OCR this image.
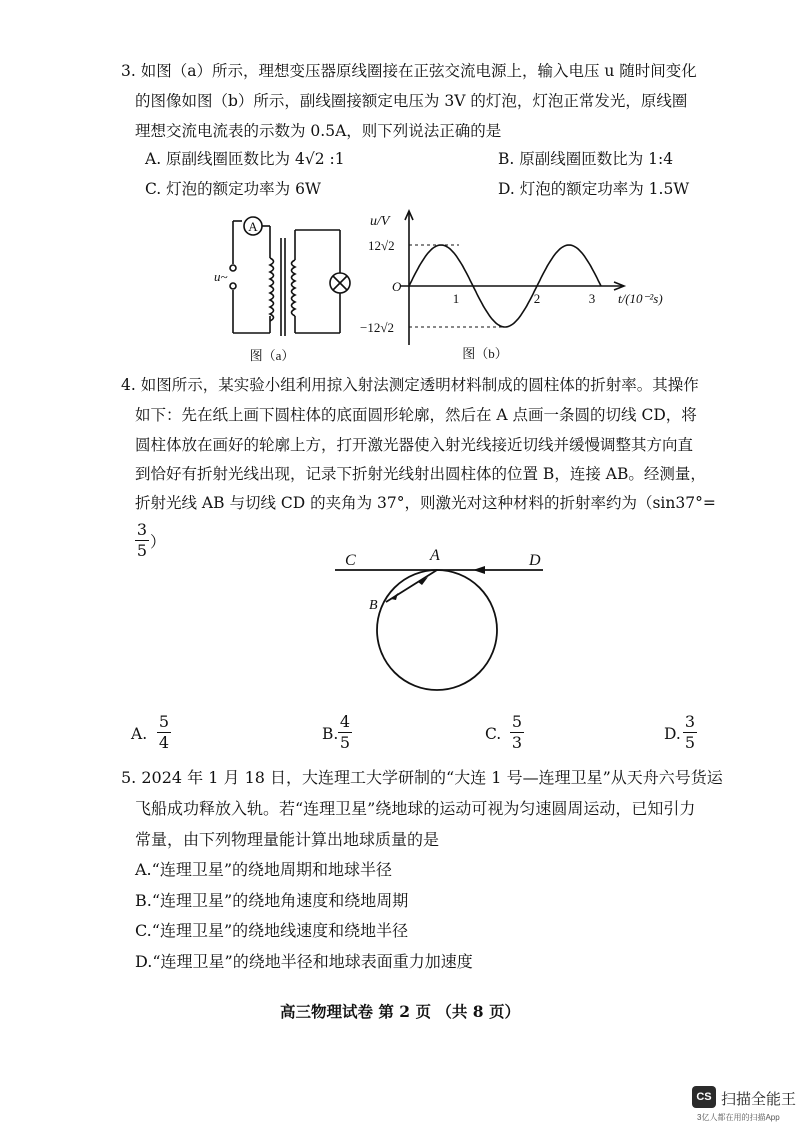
3. 如图（a）所示，理想变压器原线圈接在正弦交流电源上，输入电压 u 随时间变化
的图像如图（b）所示，副线圈接额定电压为 3V 的灯泡，灯泡正常发光，原线圈
理想交流电流表的示数为 0.5A，则下列说法正确的是
A. 原副线圈匝数比为 4√2 :1	B. 原副线圈匝数比为 1:4
C. 灯泡的额定功率为 6W	D. 灯泡的额定功率为 1.5W
A
u~
图（a）
u/V
12√2
O
−12√2
1	2	3 t/(10⁻²s)
图（b）
4. 如图所示，某实验小组利用掠入射法测定透明材料制成的圆柱体的折射率。其操作
如下：先在纸上画下圆柱体的底面圆形轮廓，然后在 A 点画一条圆的切线 CD，将
圆柱体放在画好的轮廓上方，打开激光器使入射光线接近切线并缓慢调整其方向直
到恰好有折射光线出现，记录下折射光线射出圆柱体的位置 B，连接 AB。经测量，
折射光线 AB 与切线 CD 的夹角为 37°，则激光对这种材料的折射率约为（sin37°=
3
5 ）
C	A	D
B
A.
5
4	B.
4
5	C.
5
3	D.
3
5
5. 2024 年 1 月 18 日，大连理工大学研制的“大连 1 号—连理卫星”从天舟六号货运
飞船成功释放入轨。若“连理卫星”绕地球的运动可视为匀速圆周运动，已知引力
常量，由下列物理量能计算出地球质量的是
A.“连理卫星”的绕地周期和地球半径
B.“连理卫星”的绕地角速度和绕地周期
C.“连理卫星”的绕地线速度和绕地半径
D.“连理卫星”的绕地半径和地球表面重力加速度
高三物理试卷 第 2 页 （共 8 页）
CS 扫描全能王
3亿人都在用的扫描App
